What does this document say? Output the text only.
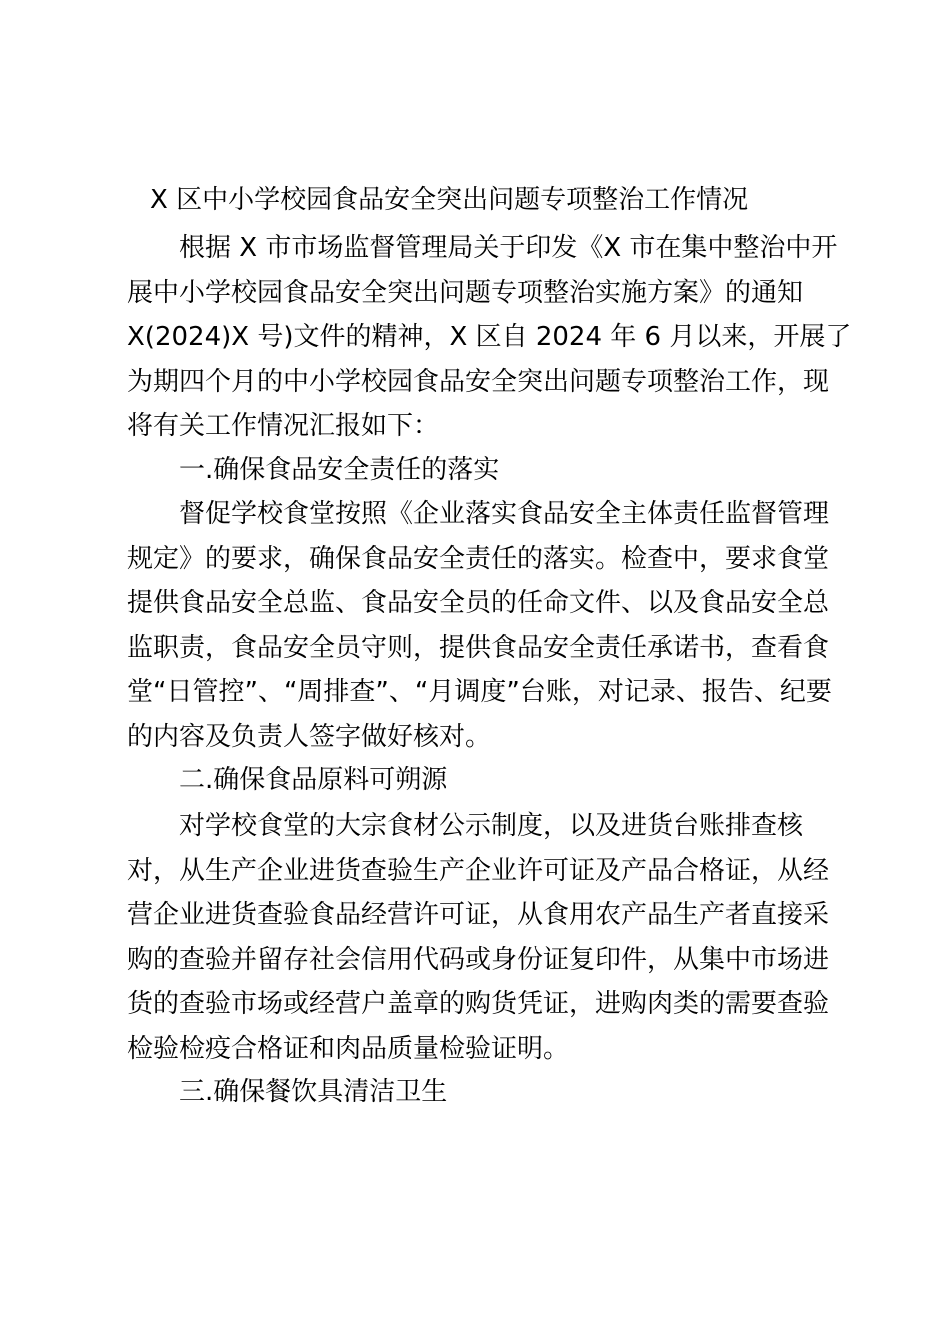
X 区中小学校园食品安全突出问题专项整治工作情况
根据 X 市市场监督管理局关于印发《X 市在集中整治中开
展中小学校园食品安全突出问题专项整治实施方案》的通知
X(2024)X 号)文件的精神，X 区自 2024 年 6 月以来，开展了
为期四个月的中小学校园食品安全突出问题专项整治工作，现
将有关工作情况汇报如下：
一.确保食品安全责任的落实
督促学校食堂按照《企业落实食品安全主体责任监督管理
规定》的要求，确保食品安全责任的落实。检查中，要求食堂
提供食品安全总监、食品安全员的任命文件、以及食品安全总
监职责，食品安全员守则，提供食品安全责任承诺书，查看食
堂“日管控”、“周排查”、“月调度”台账，对记录、报告、纪要
的内容及负责人签字做好核对。
二.确保食品原料可朔源
对学校食堂的大宗食材公示制度，以及进货台账排查核
对，从生产企业进货查验生产企业许可证及产品合格证，从经
营企业进货查验食品经营许可证，从食用农产品生产者直接采
购的查验并留存社会信用代码或身份证复印件，从集中市场进
货的查验市场或经营户盖章的购货凭证，进购肉类的需要查验
检验检疫合格证和肉品质量检验证明。
三.确保餐饮具清洁卫生
